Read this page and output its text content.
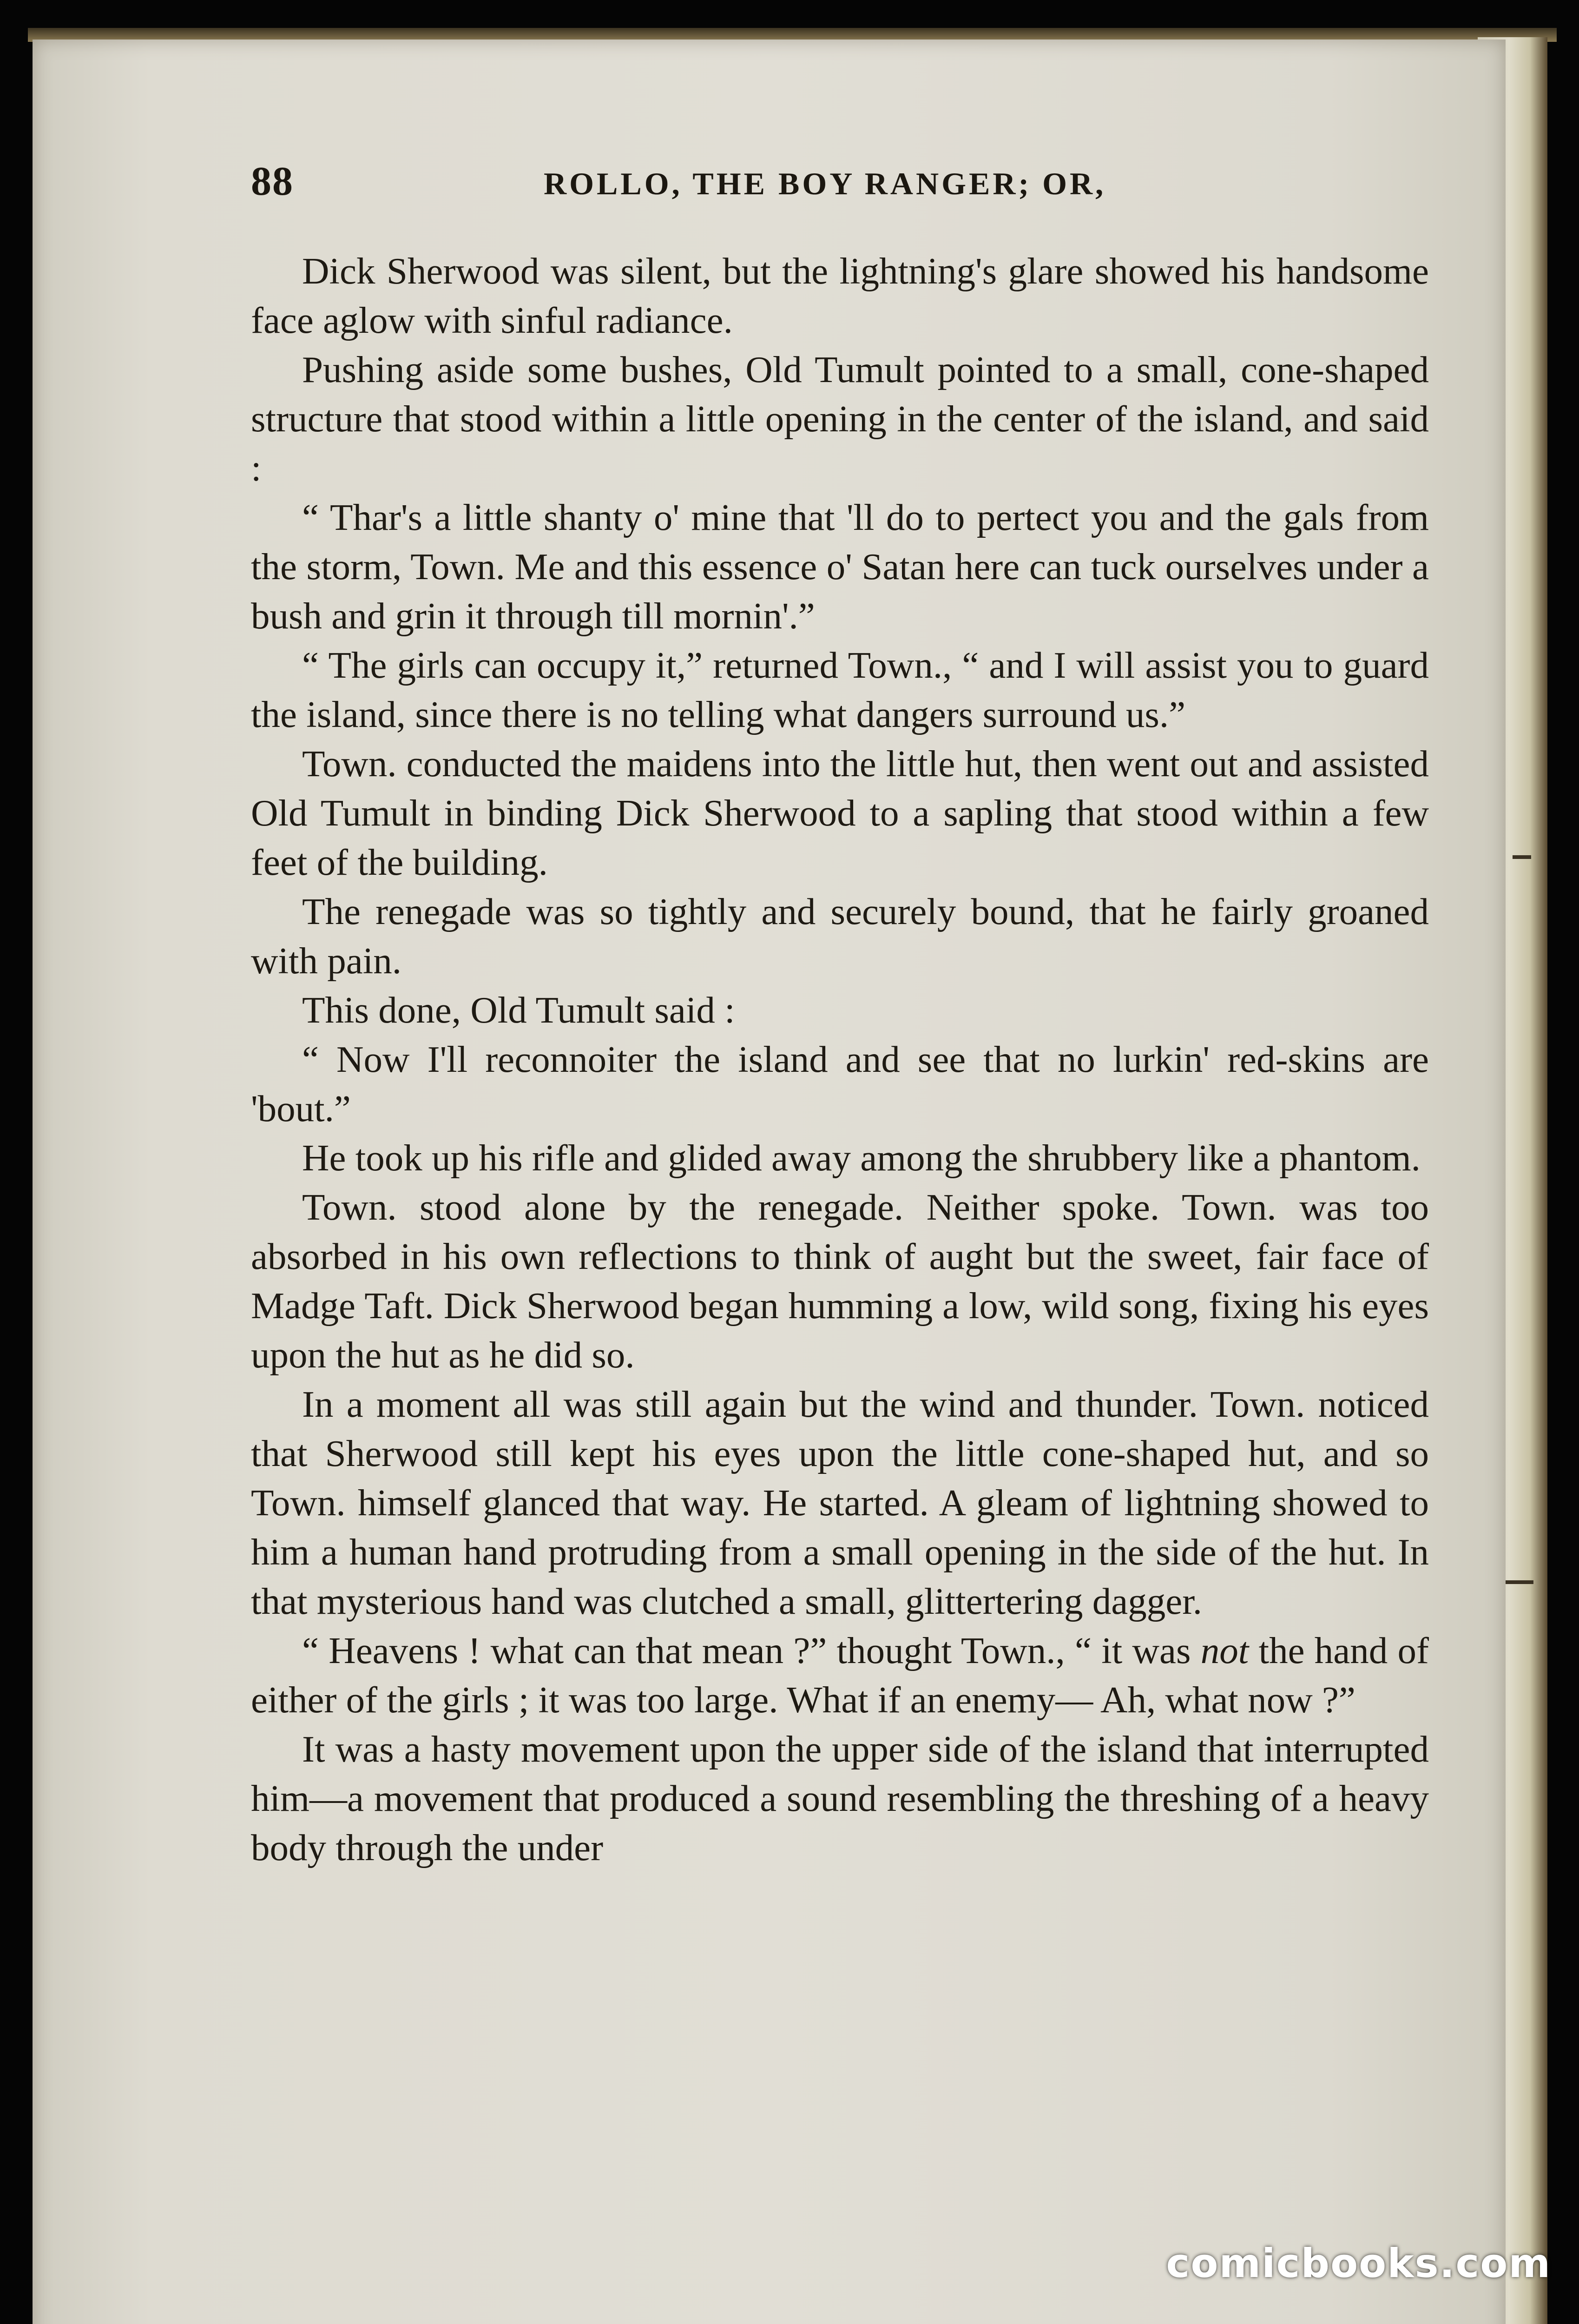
88	ROLLO, THE BOY RANGER; OR,

Dick Sherwood was silent, but the lightning's glare showed his handsome face aglow with sinful radiance.

Pushing aside some bushes, Old Tumult pointed to a small, cone-shaped structure that stood within a little opening in the center of the island, and said :

“ Thar's a little shanty o' mine that 'll do to pertect you and the gals from the storm, Town. Me and this essence o' Satan here can tuck ourselves under a bush and grin it through till mornin'.”

“ The girls can occupy it,” returned Town., “ and I will assist you to guard the island, since there is no telling what dangers surround us.”

Town. conducted the maidens into the little hut, then went out and assisted Old Tumult in binding Dick Sherwood to a sapling that stood within a few feet of the building.

The renegade was so tightly and securely bound, that he fairly groaned with pain.

This done, Old Tumult said :

“ Now I'll reconnoiter the island and see that no lurkin' red-skins are 'bout.”

He took up his rifle and glided away among the shrubbery like a phantom.

Town. stood alone by the renegade. Neither spoke. Town. was too absorbed in his own reflections to think of aught but the sweet, fair face of Madge Taft. Dick Sherwood began humming a low, wild song, fixing his eyes upon the hut as he did so.

In a moment all was still again but the wind and thunder. Town. noticed that Sherwood still kept his eyes upon the little cone-shaped hut, and so Town. himself glanced that way. He started. A gleam of lightning showed to him a human hand protruding from a small opening in the side of the hut. In that mysterious hand was clutched a small, glittertering dagger.

“ Heavens ! what can that mean ?” thought Town., “ it was not the hand of either of the girls ; it was too large. What if an enemy— Ah, what now ?”

It was a hasty movement upon the upper side of the island that interrupted him—a movement that produced a sound resembling the threshing of a heavy body through the under

comicbooks.com
